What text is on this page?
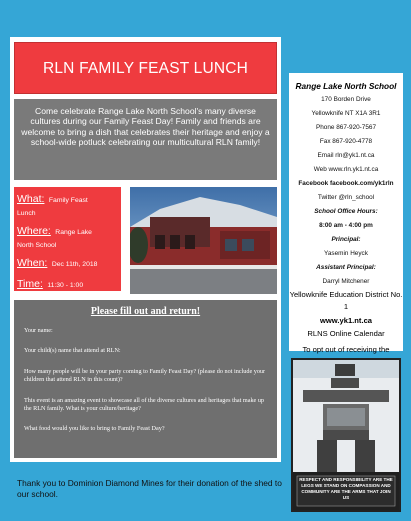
RLN FAMILY FEAST LUNCH
Come celebrate Range Lake North School's many diverse cultures during our Family Feast Day! Family and friends are welcome to bring a dish that celebrates their heritage and enjoy a school-wide potluck celebrating our multicultural RLN family!
What: Family Feast
Lunch
Where: Range Lake
North School
When: Dec 11th, 2018
Time: 11:30 - 1:00
Please fill out and return!
Your name:
Your child(s) name that attend at RLN:
How many people will be in your party coming to Family Feast Day? (please do not include your children that attend RLN in this count)?
This event is an amazing event to showcase all of the diverse cultures and heritages that make up the RLN family. What is your culture/heritage?
What food would you like to bring to Family Feast Day?
Range Lake North School
170 Borden Drive
Yellowknife NT X1A 3R1
Phone 867-920-7567
Fax 867-920-4778
Email rln@yk1.nt.ca
Web www.rln.yk1.nt.ca
Facebook facebook.com/yk1rln
Twitter @rln_school
School Office Hours:
8:00 am - 4:00 pm
Principal:
Yasemin Heyck
Assistant Principal:
Darryl Mitchener
Yellowknife Education District No. 1
www.yk1.nt.ca
RLNS Online Calendar
To opt out of receiving the
RESPECT AND RESPONSIBILITY ARE THE LEGS WE STAND ON COMPASSION AND COMMUNITY ARE THE ARMS THAT JOIN US
Thank you to Dominion Diamond Mines for their donation of the shed to our school.
